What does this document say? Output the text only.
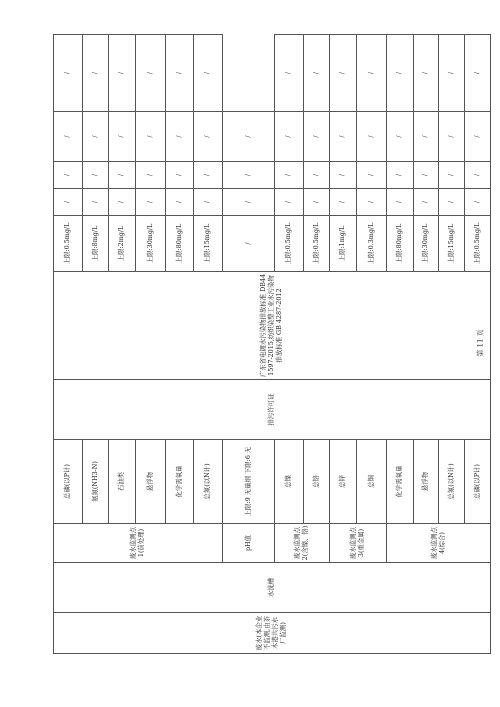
废水(本企业不监测,由茶木港共污水厂监测)	水洗槽	废水监测点1(前处理)	总磷(以P计)	排污许可证	广东省电镀水污染物排放标准 DB441597-2015,纺织染整工业水污染物排放标准 GB 4287-2012	上限:0.5mg/L	/	/	/	/
			氨氮(NH3-N)			上限:8mg/L	/	/	/	/
			石油类			上限:2mg/L	/	/	/	/
			悬浮物			上限:30mg/L	/	/	/	/
			化学需氧量			上限:80mg/L	/	/	/	/
			总氮(以N计)			上限:15mg/L	/	/	/	/
		pH值	上限:9 无量纲 下限:6 无			/	/	/	/	
		废水监测点2(含镍、铬)	总镍			上限:0.5mg/L	/	/	/	/
			总铬			上限:0.5mg/L	/	/	/	/
		废水监测点3(重金属)	总锌			上限:1mg/L	/	/	/	/
			总铜			上限:0.3mg/L	/	/	/	/
		废水监测点4(综合)	化学需氧量			上限:80mg/L	/	/	/	/
			悬浮物			上限:30mg/L	/	/	/	/
			总氮(以N计)			上限:15mg/L	/	/	/	/
			总磷(以P计)			上限:0.5mg/L	/	/	/	/
第 11 页
